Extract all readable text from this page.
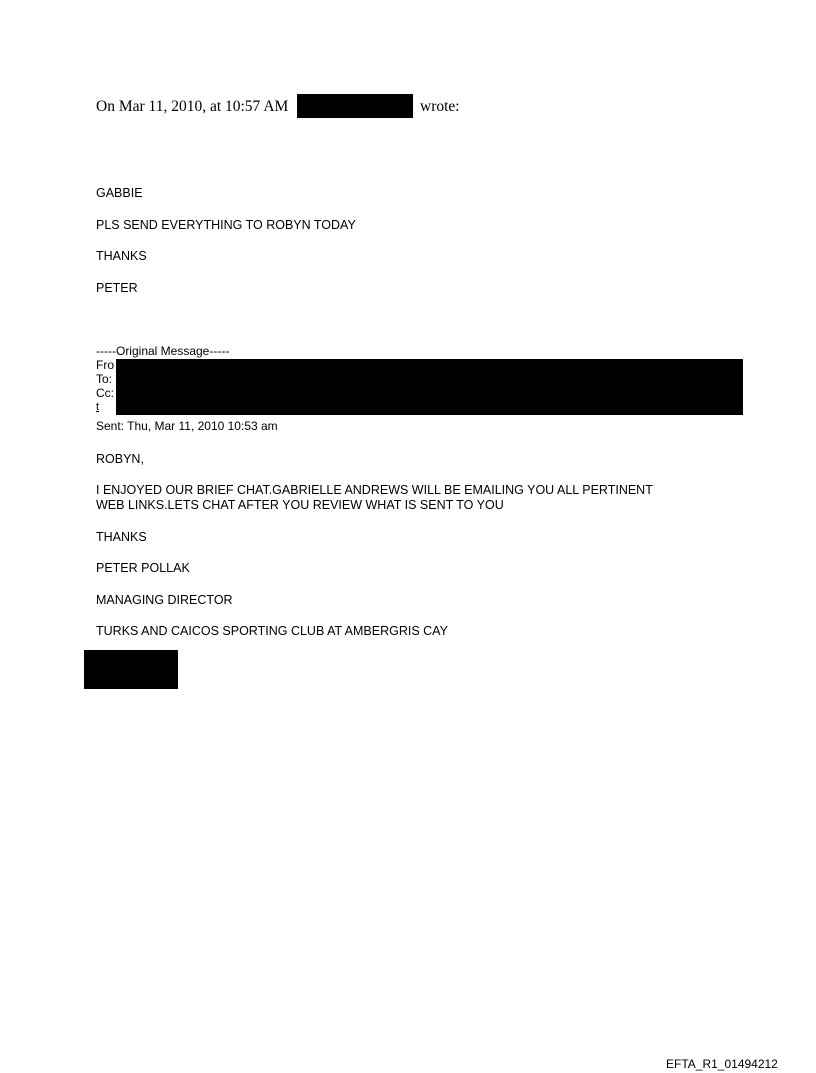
On Mar 11, 2010, at 10:57 AM	wrote:
GABBIE
PLS SEND EVERYTHING TO ROBYN TODAY
THANKS
PETER
-----Original Message-----
Fro
To:
Cc:
t
Sent: Thu, Mar 11, 2010 10:53 am
ROBYN,
I ENJOYED OUR BRIEF CHAT.GABRIELLE ANDREWS WILL BE EMAILING YOU ALL PERTINENT
WEB LINKS.LETS CHAT AFTER YOU REVIEW WHAT IS SENT TO YOU
THANKS
PETER POLLAK
MANAGING DIRECTOR
TURKS AND CAICOS SPORTING CLUB AT AMBERGRIS CAY
EFTA_R1_01494212
